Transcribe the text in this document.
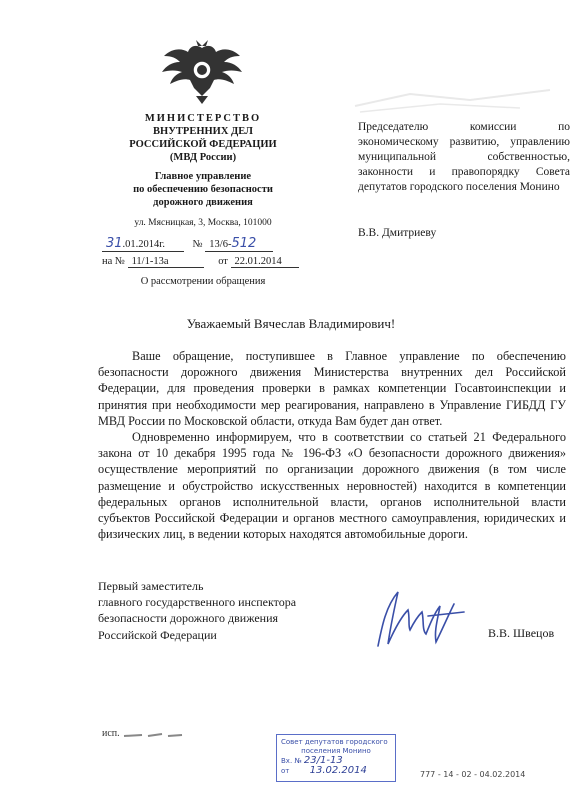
МИНИСТЕРСТВО
ВНУТРЕННИХ ДЕЛ
РОССИЙСКОЙ ФЕДЕРАЦИИ
(МВД России)
Главное управление
по обеспечению безопасности
дорожного движения
ул. Мясницкая, 3, Москва, 101000
31.01.2014г.	№ 13/6-512
на № 11/1-13а	от 22.01.2014
О рассмотрении обращения
Председателю комиссии по экономическому развитию, управлению муниципальной собственностью, законности и правопорядку Совета депутатов городского поселения Монино
В.В. Дмитриеву
Уважаемый Вячеслав Владимирович!

Ваше обращение, поступившее в Главное управление по обеспечению безопасности дорожного движения Министерства внутренних дел Российской Федерации, для проведения проверки в рамках компетенции Госавтоинспекции и принятия при необходимости мер реагирования, направлено в Управление ГИБДД ГУ МВД России по Московской области, откуда Вам будет дан ответ.

Одновременно информируем, что в соответствии со статьей 21 Федерального закона от 10 декабря 1995 года № 196-ФЗ «О безопасности дорожного движения» осуществление мероприятий по организации дорожного движения (в том числе размещение и обустройство искусственных неровностей) находится в компетенции федеральных органов исполнительной власти, органов исполнительной власти субъектов Российской Федерации и органов местного самоуправления, юридических и физических лиц, в ведении которых находятся автомобильные дороги.

Первый заместитель
главного государственного инспектора
безопасности дорожного движения
Российской Федерации	В.В. Швецов
исп.
Совет депутатов городского
поселения Монино
Вх. № 23/1-13
от 13.02.2014	777 - 14 - 02 - 04.02.2014
